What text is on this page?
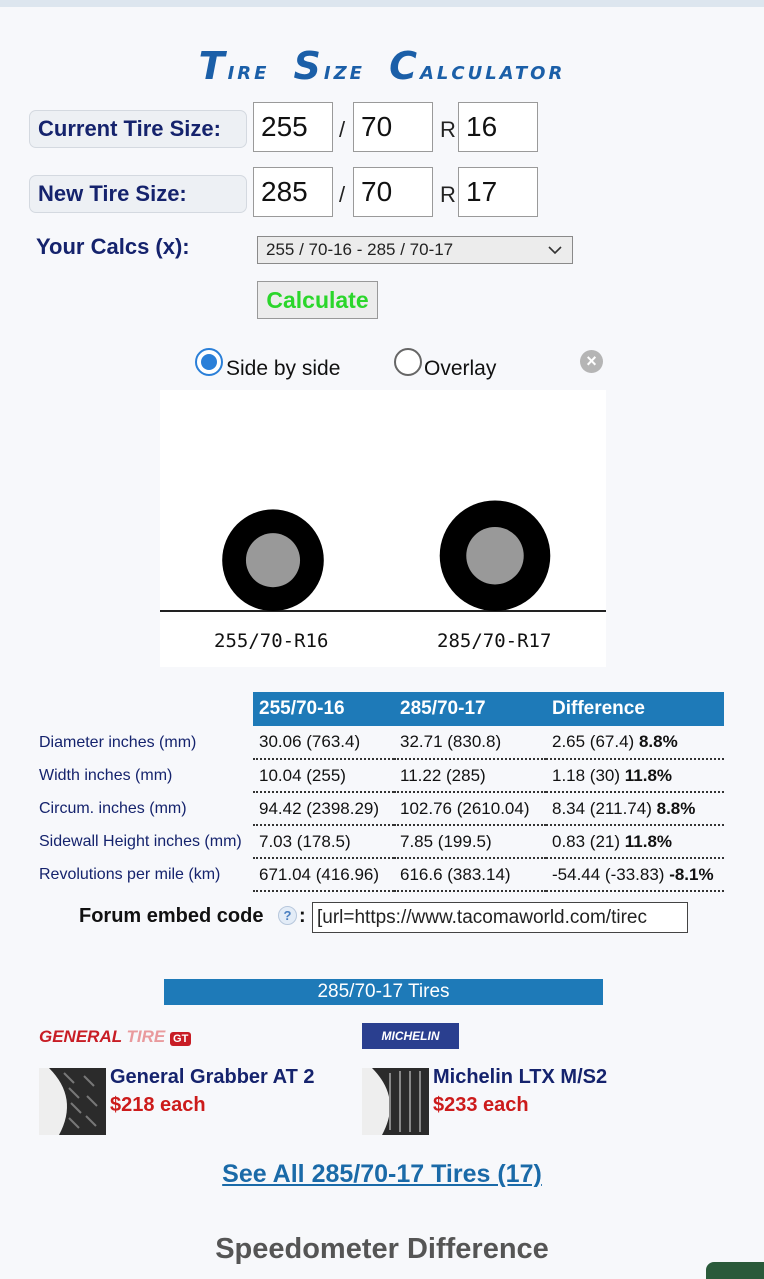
Tire  Size  Calculator
Current Tire Size:
255	/
70	R
16
New Tire Size:
285	/
70	R
17
Your Calcs (x):	255 / 70-16 - 285 / 70-17
Calculate
Side by side	Overlay	×
255/70-R16	285/70-R17
	255/70-16	285/70-17	Difference
Diameter inches (mm)	30.06 (763.4)	32.71 (830.8)	2.65 (67.4) 8.8%
Width inches (mm)	10.04 (255)	11.22 (285)	1.18 (30) 11.8%
Circum. inches (mm)	94.42 (2398.29)	102.76 (2610.04)	8.34 (211.74) 8.8%
Sidewall Height inches (mm)	7.03 (178.5)	7.85 (199.5)	0.83 (21) 11.8%
Revolutions per mile (km)	671.04 (416.96)	616.6 (383.14)	-54.44 (-33.83) -8.1%
Forum embed code	? : [url=https://www.tacomaworld.com/tirec
285/70-17 Tires
GENERAL TIRE GT	MICHELIN
General Grabber AT 2
$218 each
Michelin LTX M/S2
$233 each
See All 285/70-17 Tires (17)
Speedometer Difference
